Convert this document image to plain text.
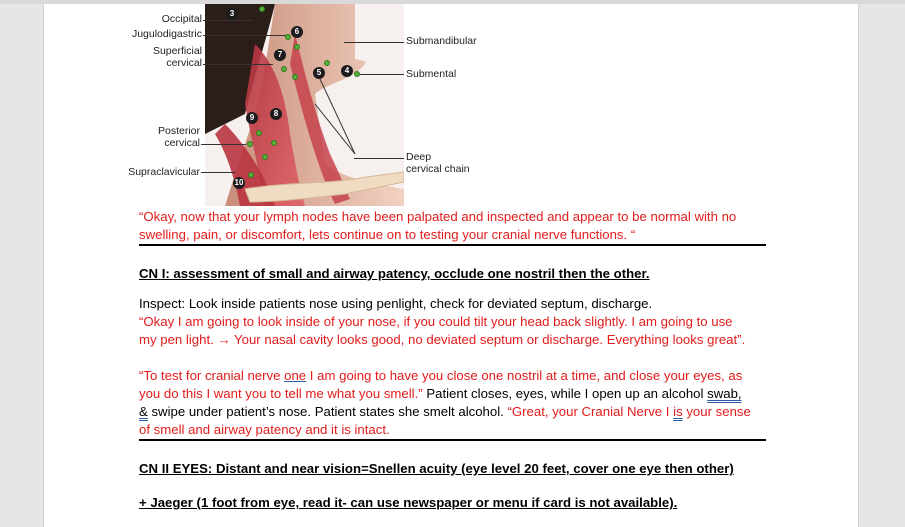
Occipital
Jugulodigastric
Superficial
cervical
Posterior
cervical
Supraclavicular
Submandibular
Submental
Deep
cervical chain
3
6
7
5	4
9	8
10
“Okay, now that your lymph nodes have been palpated and inspected and appear to be normal with no
swelling, pain, or discomfort, lets continue on to testing your cranial nerve functions. “
CN I: assessment of small and airway patency, occlude one nostril then the other.
Inspect: Look inside patients nose using penlight, check for deviated septum, discharge.
“Okay I am going to look inside of your nose, if you could tilt your head back slightly. I am going to use
my pen light. → Your nasal cavity looks good, no deviated septum or discharge. Everything looks great”.
“To test for cranial nerve one I am going to have you close one nostril at a time, and close your eyes, as
you do this I want you to tell me what you smell.” Patient closes, eyes, while I open up an alcohol swab,
& swipe under patient’s nose. Patient states she smelt alcohol. “Great, your Cranial Nerve I is your sense
of smell and airway patency and it is intact.
CN II EYES: Distant and near vision=Snellen acuity (eye level 20 feet, cover one eye then other)
+ Jaeger (1 foot from eye, read it- can use newspaper or menu if card is not available).
